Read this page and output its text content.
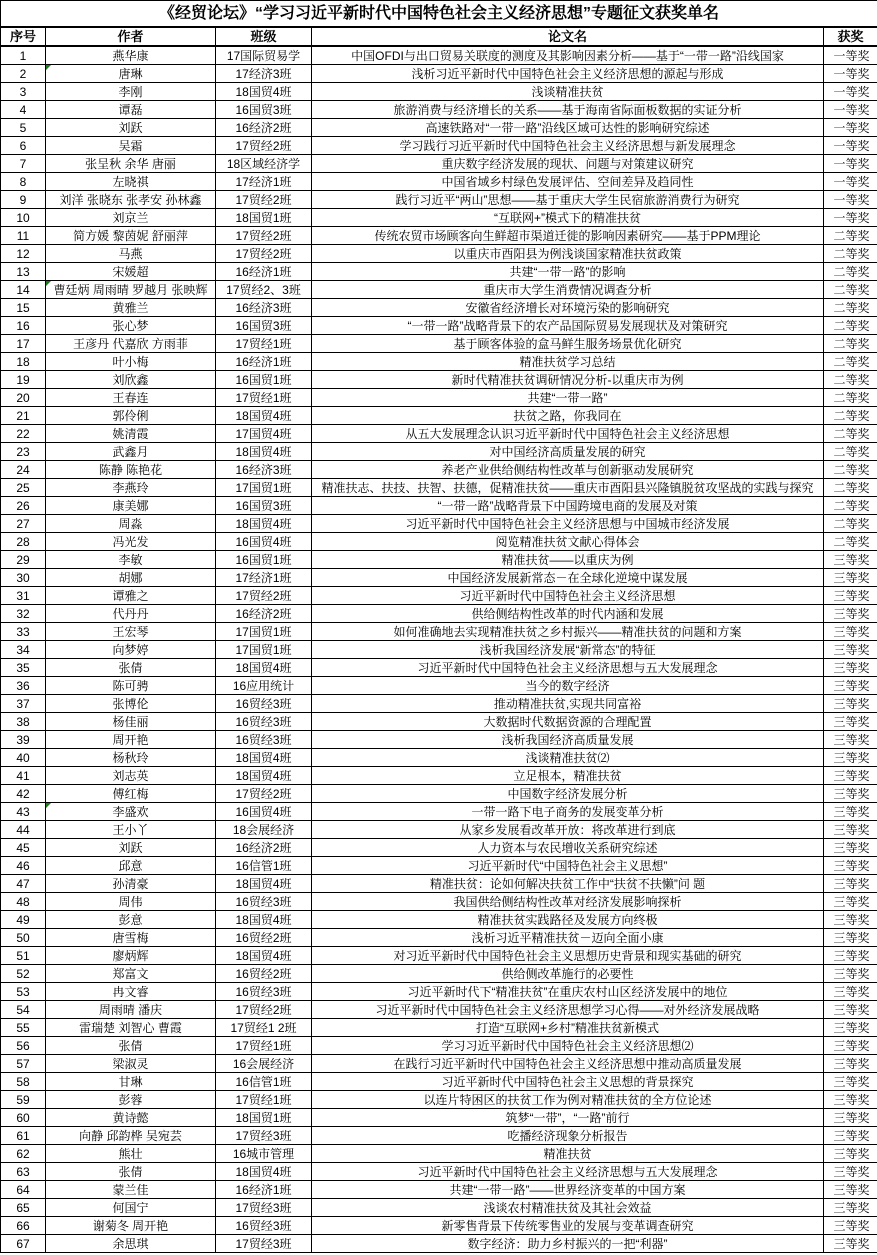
《经贸论坛》“学习习近平新时代中国特色社会主义经济思想”专题征文获奖单名				
序号	作者	班级	论文名	获奖
1	燕华康	17国际贸易学	中国OFDI与出口贸易关联度的测度及其影响因素分析——基于“一带一路”沿线国家	一等奖
2	唐琳	17经济3班	浅析习近平新时代中国特色社会主义经济思想的源起与形成	一等奖
3	李刚	18国贸4班	浅谈精准扶贫	一等奖
4	谭磊	16国贸3班	旅游消费与经济增长的关系——基于海南省际面板数据的实证分析	一等奖
5	刘跃	16经济2班	高速铁路对“一带一路”沿线区域可达性的影响研究综述	一等奖
6	吴霜	17贸经2班	学习践行习近平新时代中国特色社会主义经济思想与新发展理念	一等奖
7	张呈秋 余华 唐丽	18区域经济学	重庆数字经济发展的现状、问题与对策建议研究	一等奖
8	左晓祺	17经济1班	中国省域乡村绿色发展评估、空间差异及趋同性	一等奖
9	刘洋 张晓东 张孝安 孙林鑫	17贸经2班	践行习近平“两山”思想——基于重庆大学生民宿旅游消费行为研究	一等奖
10	刘京兰	18国贸1班	“互联网+”模式下的精准扶贫	一等奖
11	简方媛 黎茵妮 舒丽萍	17贸经2班	传统农贸市场顾客向生鲜超市渠道迁徙的影响因素研究——基于PPM理论	二等奖
12	马燕	17贸经2班	以重庆市酉阳县为例浅谈国家精准扶贫政策	二等奖
13	宋媛超	16经济1班	共建“一带一路”的影响	二等奖
14	曹廷炳 周雨晴 罗越月 张映辉	17贸经2、3班	重庆市大学生消费情况调查分析	二等奖
15	黄雅兰	16经济3班	安徽省经济增长对环境污染的影响研究	二等奖
16	张心梦	16国贸3班	“一带一路”战略背景下的农产品国际贸易发展现状及对策研究	二等奖
17	王彦丹 代嘉欣 方雨菲	17贸经1班	基于顾客体验的盒马鲜生服务场景优化研究	二等奖
18	叶小梅	16经济1班	精准扶贫学习总结	二等奖
19	刘欣鑫	16国贸1班	新时代精准扶贫调研情况分析-以重庆市为例	二等奖
20	王春连	17贸经1班	共建“一带一路”	二等奖
21	郭伶俐	18国贸4班	扶贫之路，你我同在	二等奖
22	姚清霞	17国贸4班	从五大发展理念认识习近平新时代中国特色社会主义经济思想	二等奖
23	武鑫月	18国贸4班	对中国经济高质量发展的研究	二等奖
24	陈静 陈艳花	16经济3班	养老产业供给侧结构性改革与创新驱动发展研究	二等奖
25	李燕玲	17国贸1班	精准扶志、扶技、扶智、扶德，促精准扶贫——重庆市酉阳县兴隆镇脱贫攻坚战的实践与探究	二等奖
26	康美娜	16国贸3班	“一带一路”战略背景下中国跨境电商的发展及对策	二等奖
27	周淼	18国贸4班	习近平新时代中国特色社会主义经济思想与中国城市经济发展	二等奖
28	冯光发	16国贸4班	阅览精准扶贫文献心得体会	二等奖
29	李敏	16国贸1班	精准扶贫——以重庆为例	三等奖
30	胡娜	17经济1班	中国经济发展新常态－在全球化逆境中谋发展	三等奖
31	谭雅之	17贸经2班	习近平新时代中国特色社会主义经济思想	三等奖
32	代丹丹	16经济2班	供给侧结构性改革的时代内涵和发展	三等奖
33	王宏琴	17国贸1班	如何准确地去实现精准扶贫之乡村振兴——精准扶贫的问题和方案	三等奖
34	向梦婷	17国贸1班	浅析我国经济发展“新常态”的特征	三等奖
35	张倩	18国贸4班	习近平新时代中国特色社会主义经济思想与五大发展理念	三等奖
36	陈可骋	16应用统计	当今的数字经济	三等奖
37	张博伦	16贸经3班	推动精准扶贫,实现共同富裕	三等奖
38	杨佳丽	16贸经3班	大数据时代数据资源的合理配置	三等奖
39	周开艳	16贸经3班	浅析我国经济高质量发展	三等奖
40	杨秋玲	18国贸4班	浅谈精准扶贫⑵	三等奖
41	刘志英	18国贸4班	立足根本，精准扶贫	三等奖
42	傅红梅	17贸经2班	中国数字经济发展分析	三等奖
43	李盛欢	16国贸4班	一带一路下电子商务的发展变革分析	三等奖
44	王小丫	18会展经济	从家乡发展看改革开放：将改革进行到底	三等奖
45	刘跃	16经济2班	人力资本与农民增收关系研究综述	三等奖
46	邱意	16信管1班	习近平新时代“中国特色社会主义思想”	三等奖
47	孙清豪	18国贸4班	精准扶贫：论如何解决扶贫工作中“扶贫不扶懒”问 题	三等奖
48	周伟	16贸经3班	我国供给侧结构性改革对经济发展影响探析	三等奖
49	彭意	18国贸4班	精准扶贫实践路径及发展方向终极	三等奖
50	唐雪梅	16贸经2班	浅析习近平精准扶贫－迈向全面小康	三等奖
51	廖炳辉	18国贸4班	对习近平新时代中国特色社会主义思想历史背景和现实基础的研究	三等奖
52	郑富文	16贸经2班	供给侧改革施行的必要性	三等奖
53	冉文睿	16贸经3班	习近平新时代下“精准扶贫”在重庆农村山区经济发展中的地位	三等奖
54	周雨晴 潘庆	17贸经2班	习近平新时代中国特色社会主义经济思想学习心得——对外经济发展战略	三等奖
55	雷瑞楚 刘智心 曹霞	17贸经1 2班	打造“互联网+乡村”精准扶贫新模式	三等奖
56	张倩	17贸经1班	学习习近平新时代中国特色社会主义经济思想⑵	三等奖
57	梁淑灵	16会展经济	在践行习近平新时代中国特色社会主义经济思想中推动高质量发展	三等奖
58	甘琳	16信管1班	习近平新时代中国特色社会主义思想的背景探究	三等奖
59	彭蓉	17贸经1班	以连片特困区的扶贫工作为例对精准扶贫的全方位论述	三等奖
60	黄诗懿	18国贸1班	筑梦“一带”，“一路”前行	三等奖
61	向静 邱韵桦 吴宛芸	17贸经3班	吃播经济现象分析报告	三等奖
62	熊壮	16城市管理	精准扶贫	三等奖
63	张倩	18国贸4班	习近平新时代中国特色社会主义经济思想与五大发展理念	三等奖
64	蒙兰佳	16经济1班	共建“一带一路”——世界经济变革的中国方案	三等奖
65	何国宁	17贸经3班	浅谈农村精准扶贫及其社会效益	三等奖
66	谢菊冬 周开艳	16贸经3班	新零售背景下传统零售业的发展与变革调查研究	三等奖
67	余思琪	17贸经3班	数字经济：助力乡村振兴的一把“利器”	三等奖
